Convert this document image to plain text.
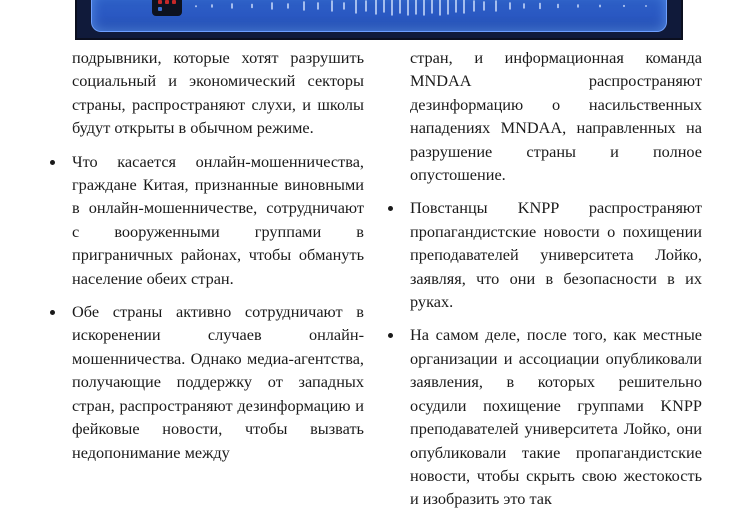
подрывники, которые хотят разрушить социальный и экономический секторы страны, распространяют слухи, и школы будут открыты в обычном режиме.

Что касается онлайн-мошенничества, граждане Китая, признанные виновными в онлайн-мошенничестве, сотрудничают с вооруженными группами в приграничных районах, чтобы обмануть население обеих стран.

Обе страны активно сотрудничают в искоренении случаев онлайн-мошенничества. Однако медиа-агентства, получающие поддержку от западных стран, распространяют дезинформацию и фейковые новости, чтобы вызвать недопонимание между

стран, и информационная команда MNDAA распространяют дезинформацию о насильственных нападениях MNDAA, направленных на разрушение страны и полное опустошение.

Повстанцы KNPP распространяют пропагандистские новости о похищении преподавателей университета Лойко, заявляя, что они в безопасности в их руках.

На самом деле, после того, как местные организации и ассоциации опубликовали заявления, в которых решительно осудили похищение группами KNPP преподавателей университета Лойко, они опубликовали такие пропагандистские новости, чтобы скрыть свою жестокость и изобразить это так
